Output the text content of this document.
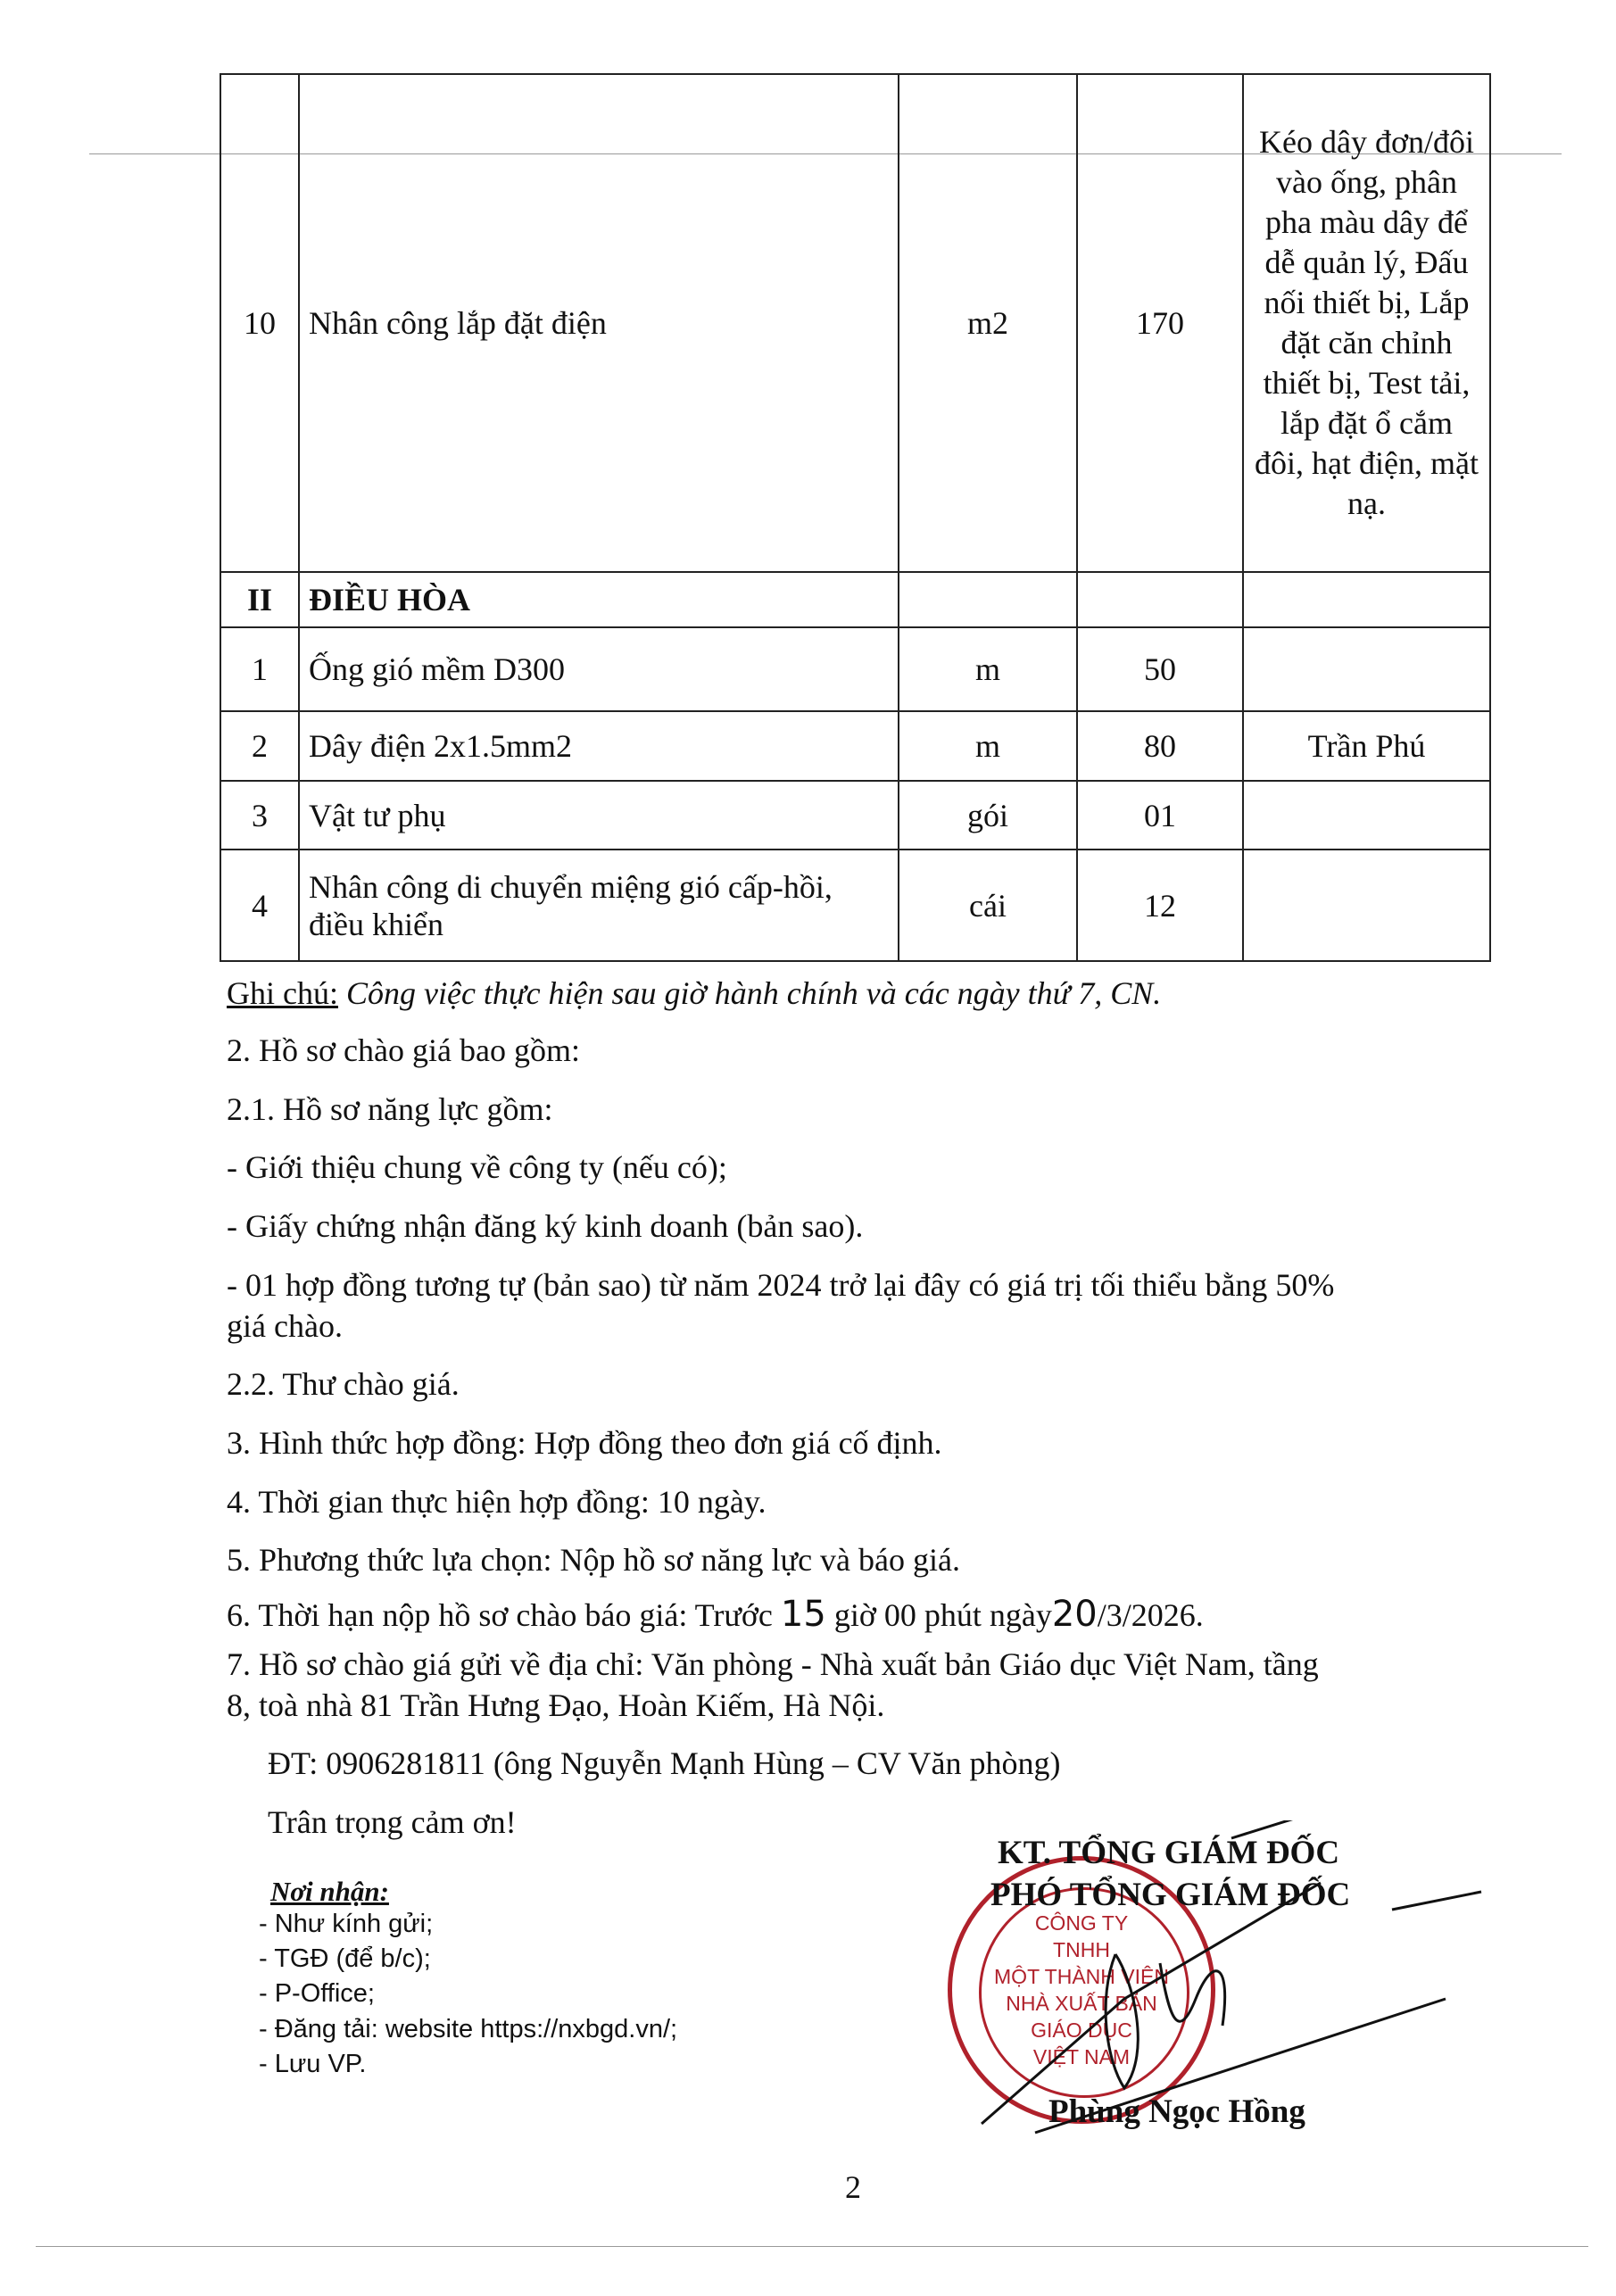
10	Nhân công lắp đặt điện	m2	170	Kéo dây đơn/đôi vào ống, phân pha màu dây để dễ quản lý, Đấu nối thiết bị, Lắp đặt căn chỉnh thiết bị, Test tải, lắp đặt ổ cắm đôi, hạt điện, mặt nạ.
II	ĐIỀU HÒA			
1	Ống gió mềm D300	m	50	
2	Dây điện 2x1.5mm2	m	80	Trần Phú
3	Vật tư phụ	gói	01	
4	Nhân công di chuyển miệng gió cấp-hồi, điều khiển	cái	12	
Ghi chú: Công việc thực hiện sau giờ hành chính và các ngày thứ 7, CN.
2. Hồ sơ chào giá bao gồm:
2.1. Hồ sơ năng lực gồm:
- Giới thiệu chung về công ty (nếu có);
- Giấy chứng nhận đăng ký kinh doanh (bản sao).
- 01 hợp đồng tương tự (bản sao) từ năm 2024 trở lại đây có giá trị tối thiểu bằng 50%
giá chào.
2.2. Thư chào giá.
3. Hình thức hợp đồng: Hợp đồng theo đơn giá cố định.
4. Thời gian thực hiện hợp đồng: 10 ngày.
5. Phương thức lựa chọn: Nộp hồ sơ năng lực và báo giá.
6. Thời hạn nộp hồ sơ chào báo giá: Trước 15 giờ 00 phút ngày20/3/2026.
7. Hồ sơ chào giá gửi về địa chỉ: Văn phòng - Nhà xuất bản Giáo dục Việt Nam, tầng
8, toà nhà 81 Trần Hưng Đạo, Hoàn Kiếm, Hà Nội.
ĐT: 0906281811 (ông Nguyễn Mạnh Hùng – CV Văn phòng)
Trân trọng cảm ơn!
Nơi nhận:
- Như kính gửi;
- TGĐ (để b/c);
- P-Office;
- Đăng tải: website https://nxbgd.vn/;
- Lưu VP.
CÔNG TY
TNHH
MỘT THÀNH VIÊN
NHÀ XUẤT BẢN
GIÁO DỤC
VIỆT NAM
KT. TỔNG GIÁM ĐỐC
PHÓ TỔNG GIÁM ĐỐC
Phùng Ngọc Hồng
2
